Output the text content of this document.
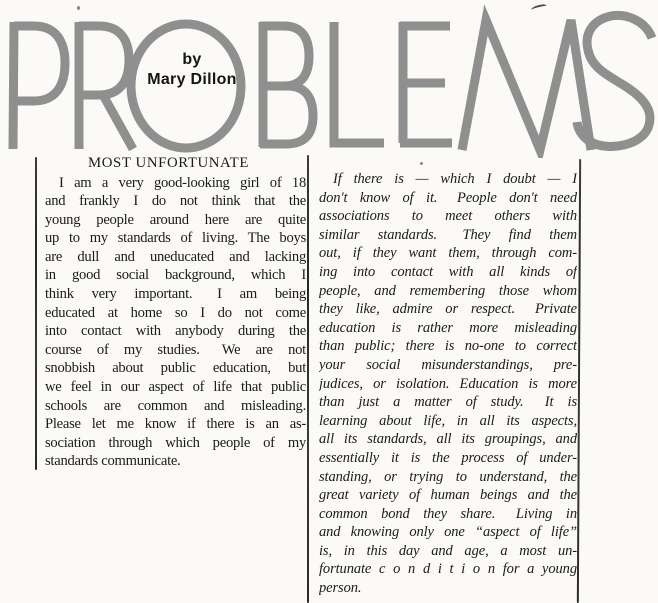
by
Mary Dillon
MOST UNFORTUNATE
I am a very good-looking girl of 18
and frankly I do not think that the
young people around here are quite
up to my standards of living. The boys
are dull and uneducated and lacking
in good social background, which I
think very important.  I am being
educated at home so I do not come
into contact with anybody during the
course of my studies.  We are not
snobbish about public education, but
we feel in our aspect of life that public
schools are common and misleading.
Please let me know if there is an as-
sociation through which people of my
standards communicate.
If there is — which I doubt — I
don't know of it.  People don't need
associations to meet others with
similar standards.  They find them
out, if they want them, through com-
ing into contact with all kinds of
people, and remembering those whom
they like, admire or respect.  Private
education is rather more misleading
than public; there is no-one to correct
your social misunderstandings, pre-
judices, or isolation. Education is more
than just a matter of study.  It is
learning about life, in all its aspects,
all its standards, all its groupings, and
essentially it is the process of under-
standing, or trying to understand, the
great variety of human beings and the
common bond they share.  Living in
and knowing only one “aspect of life”
is, in this day and age, a most un-
fortunate c o n d i t i o n for a young
person.
